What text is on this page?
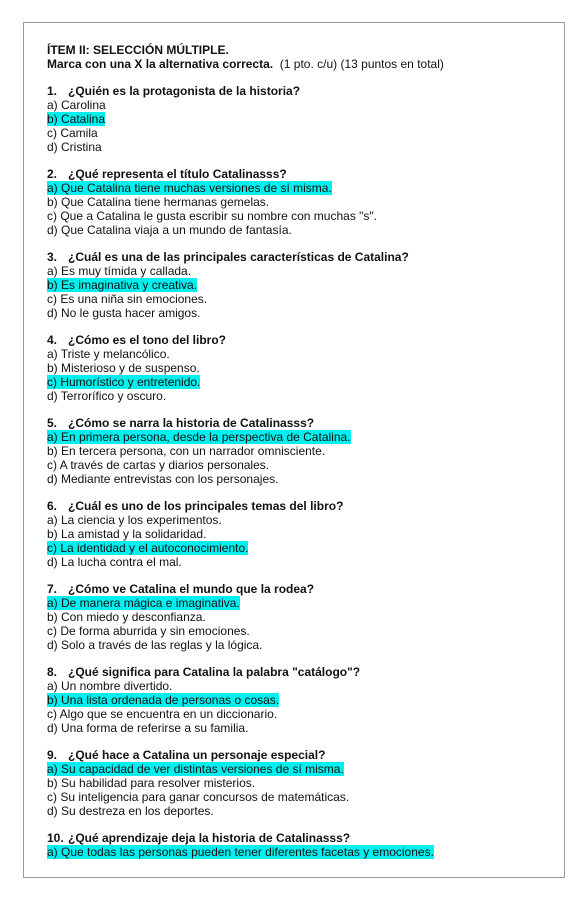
ÍTEM II: SELECCIÓN MÚLTIPLE.
Marca con una X la alternativa correcta.  (1 pto. c/u) (13 puntos en total)
1. ¿Quién es la protagonista de la historia?
a) Carolina
b) Catalina
c) Camila
d) Cristina
2. ¿Qué representa el título Catalinasss?
a) Que Catalina tiene muchas versiones de sí misma.
b) Que Catalina tiene hermanas gemelas.
c) Que a Catalina le gusta escribir su nombre con muchas "s".
d) Que Catalina viaja a un mundo de fantasía.
3. ¿Cuál es una de las principales características de Catalina?
a) Es muy tímida y callada.
b) Es imaginativa y creativa.
c) Es una niña sin emociones.
d) No le gusta hacer amigos.
4. ¿Cómo es el tono del libro?
a) Triste y melancólico.
b) Misterioso y de suspenso.
c) Humorístico y entretenido.
d) Terrorífico y oscuro.
5. ¿Cómo se narra la historia de Catalinasss?
a) En primera persona, desde la perspectiva de Catalina.
b) En tercera persona, con un narrador omnisciente.
c) A través de cartas y diarios personales.
d) Mediante entrevistas con los personajes.
6. ¿Cuál es uno de los principales temas del libro?
a) La ciencia y los experimentos.
b) La amistad y la solidaridad.
c) La identidad y el autoconocimiento.
d) La lucha contra el mal.
7. ¿Cómo ve Catalina el mundo que la rodea?
a) De manera mágica e imaginativa.
b) Con miedo y desconfianza.
c) De forma aburrida y sin emociones.
d) Solo a través de las reglas y la lógica.
8. ¿Qué significa para Catalina la palabra "catálogo"?
a) Un nombre divertido.
b) Una lista ordenada de personas o cosas.
c) Algo que se encuentra en un diccionario.
d) Una forma de referirse a su familia.
9. ¿Qué hace a Catalina un personaje especial?
a) Su capacidad de ver distintas versiones de sí misma.
b) Su habilidad para resolver misterios.
c) Su inteligencia para ganar concursos de matemáticas.
d) Su destreza en los deportes.
10. ¿Qué aprendizaje deja la historia de Catalinasss?
a) Que todas las personas pueden tener diferentes facetas y emociones.
